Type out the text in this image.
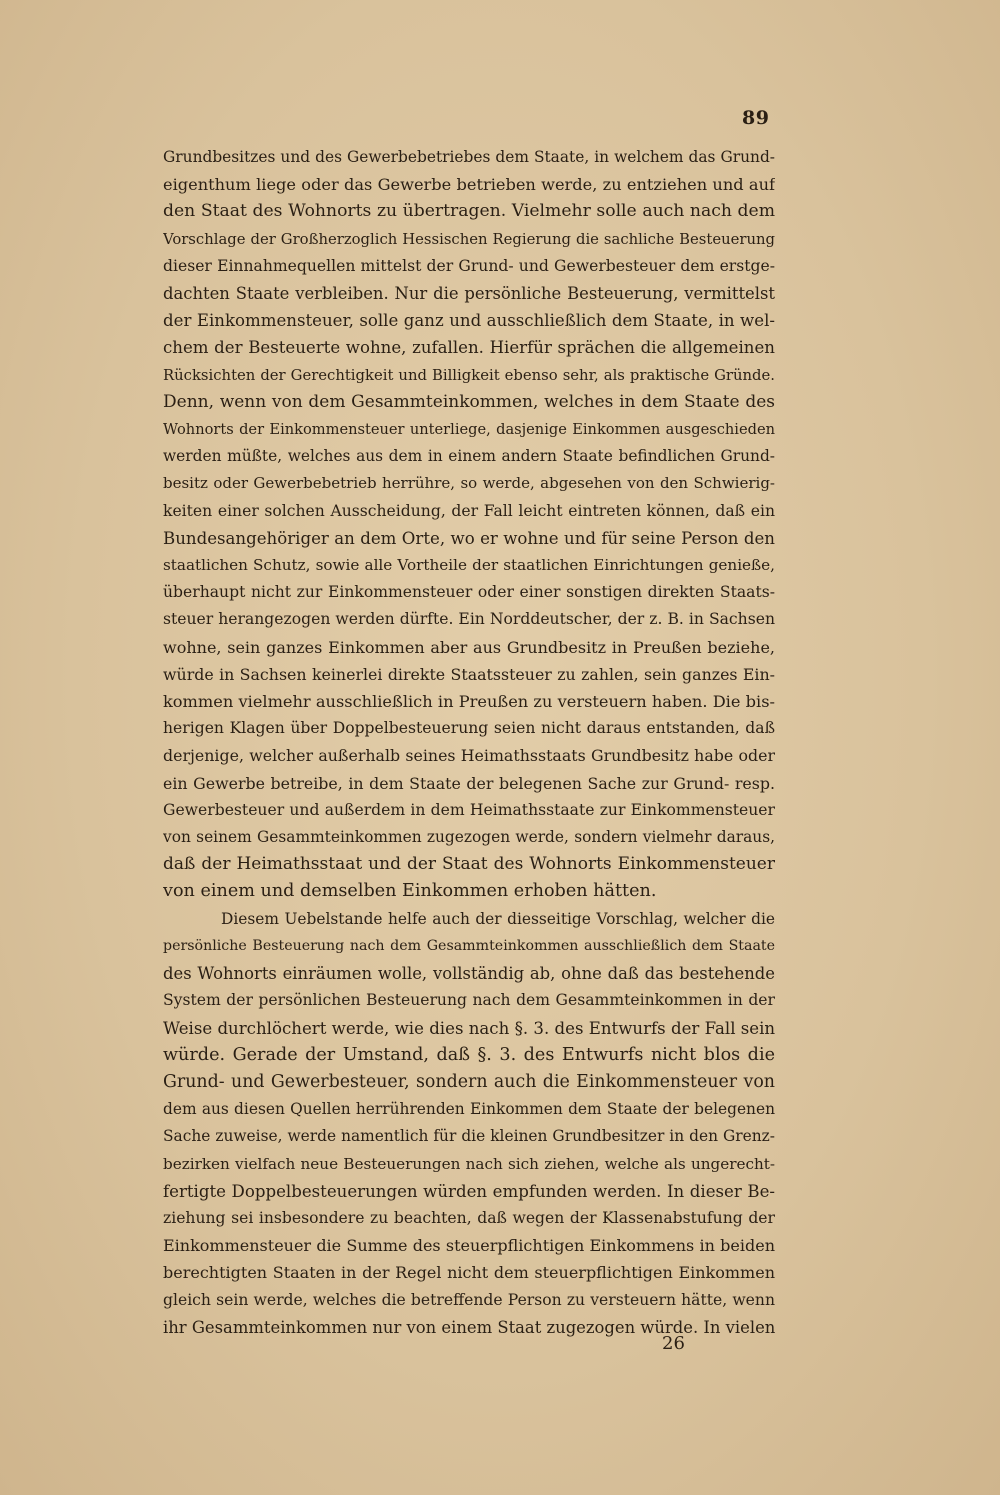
89
Grundbesitzes und des Gewerbebetriebes dem Staate, in welchem das Grund-
eigenthum liege oder das Gewerbe betrieben werde, zu entziehen und auf
den Staat des Wohnorts zu übertragen. Vielmehr solle auch nach dem
Vorschlage der Großherzoglich Hessischen Regierung die sachliche Besteuerung
dieser Einnahmequellen mittelst der Grund- und Gewerbesteuer dem erstge-
dachten Staate verbleiben. Nur die persönliche Besteuerung, vermittelst
der Einkommensteuer, solle ganz und ausschließlich dem Staate, in wel-
chem der Besteuerte wohne, zufallen. Hierfür sprächen die allgemeinen
Rücksichten der Gerechtigkeit und Billigkeit ebenso sehr, als praktische Gründe.
Denn, wenn von dem Gesammteinkommen, welches in dem Staate des
Wohnorts der Einkommensteuer unterliege, dasjenige Einkommen ausgeschieden
werden müßte, welches aus dem in einem andern Staate befindlichen Grund-
besitz oder Gewerbebetrieb herrühre, so werde, abgesehen von den Schwierig-
keiten einer solchen Ausscheidung, der Fall leicht eintreten können, daß ein
Bundesangehöriger an dem Orte, wo er wohne und für seine Person den
staatlichen Schutz, sowie alle Vortheile der staatlichen Einrichtungen genieße,
überhaupt nicht zur Einkommensteuer oder einer sonstigen direkten Staats-
steuer herangezogen werden dürfte. Ein Norddeutscher, der z. B. in Sachsen
wohne, sein ganzes Einkommen aber aus Grundbesitz in Preußen beziehe,
würde in Sachsen keinerlei direkte Staatssteuer zu zahlen, sein ganzes Ein-
kommen vielmehr ausschließlich in Preußen zu versteuern haben. Die bis-
herigen Klagen über Doppelbesteuerung seien nicht daraus entstanden, daß
derjenige, welcher außerhalb seines Heimathsstaats Grundbesitz habe oder
ein Gewerbe betreibe, in dem Staate der belegenen Sache zur Grund- resp.
Gewerbesteuer und außerdem in dem Heimathsstaate zur Einkommensteuer
von seinem Gesammteinkommen zugezogen werde, sondern vielmehr daraus,
daß der Heimathsstaat und der Staat des Wohnorts Einkommensteuer
von einem und demselben Einkommen erhoben hätten.
Diesem Uebelstande helfe auch der diesseitige Vorschlag, welcher die
persönliche Besteuerung nach dem Gesammteinkommen ausschließlich dem Staate
des Wohnorts einräumen wolle, vollständig ab, ohne daß das bestehende
System der persönlichen Besteuerung nach dem Gesammteinkommen in der
Weise durchlöchert werde, wie dies nach §. 3. des Entwurfs der Fall sein
würde. Gerade der Umstand, daß §. 3. des Entwurfs nicht blos die
Grund- und Gewerbesteuer, sondern auch die Einkommensteuer von
dem aus diesen Quellen herrührenden Einkommen dem Staate der belegenen
Sache zuweise, werde namentlich für die kleinen Grundbesitzer in den Grenz-
bezirken vielfach neue Besteuerungen nach sich ziehen, welche als ungerecht-
fertigte Doppelbesteuerungen würden empfunden werden. In dieser Be-
ziehung sei insbesondere zu beachten, daß wegen der Klassenabstufung der
Einkommensteuer die Summe des steuerpflichtigen Einkommens in beiden
berechtigten Staaten in der Regel nicht dem steuerpflichtigen Einkommen
gleich sein werde, welches die betreffende Person zu versteuern hätte, wenn
ihr Gesammteinkommen nur von einem Staat zugezogen würde. In vielen
26
